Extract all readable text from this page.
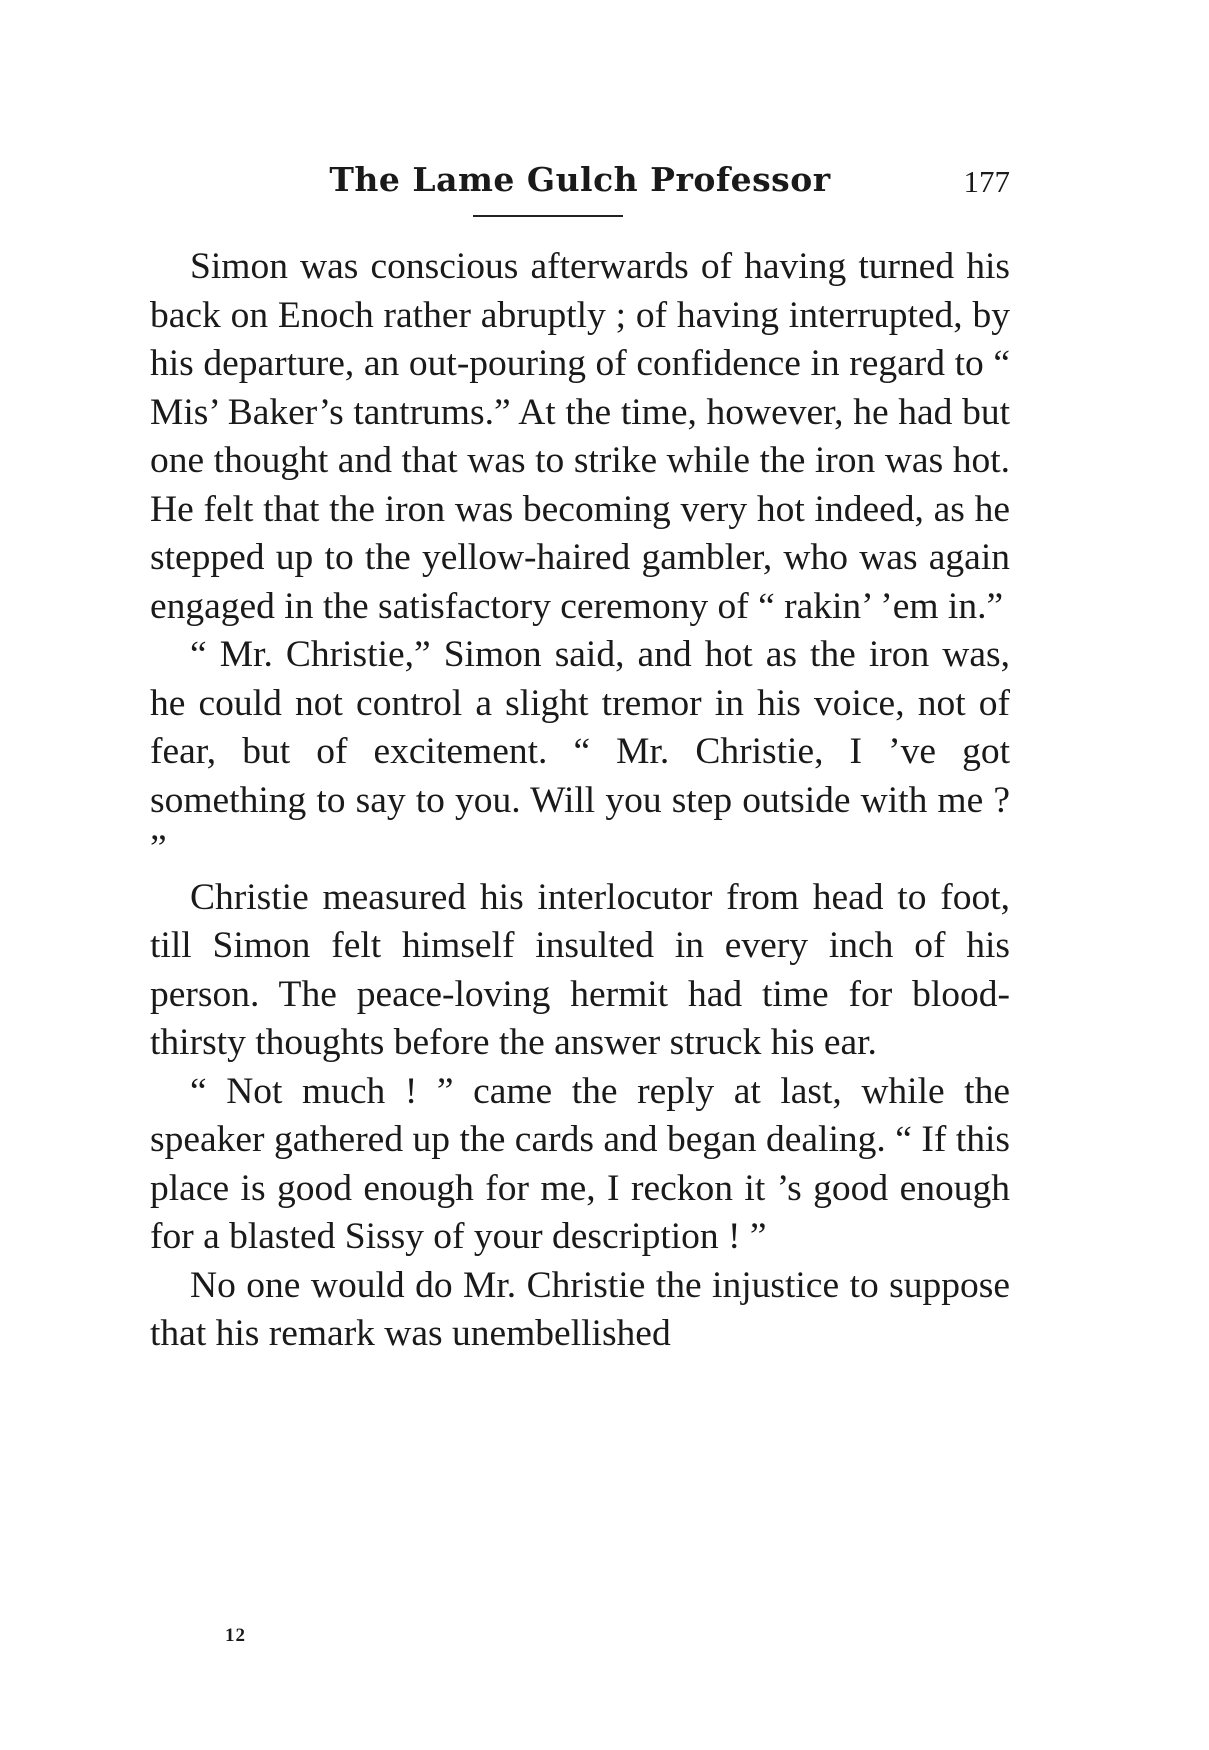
The Lame Gulch Professor	177

Simon was conscious afterwards of having turned his back on Enoch rather abruptly ; of having interrupted, by his departure, an out-pouring of confidence in regard to “ Mis’ Baker’s tantrums.” At the time, however, he had but one thought and that was to strike while the iron was hot. He felt that the iron was becoming very hot indeed, as he stepped up to the yellow-haired gambler, who was again engaged in the satisfactory ceremony of “ rakin’ ’em in.”

“ Mr. Christie,” Simon said, and hot as the iron was, he could not control a slight tremor in his voice, not of fear, but of excitement. “ Mr. Christie, I ’ve got something to say to you. Will you step outside with me ? ”

Christie measured his interlocutor from head to foot, till Simon felt himself insulted in every inch of his person. The peace-loving hermit had time for blood-thirsty thoughts before the answer struck his ear.

“ Not much ! ” came the reply at last, while the speaker gathered up the cards and began dealing. “ If this place is good enough for me, I reckon it ’s good enough for a blasted Sissy of your description ! ”

No one would do Mr. Christie the injustice to suppose that his remark was unembellished

12
